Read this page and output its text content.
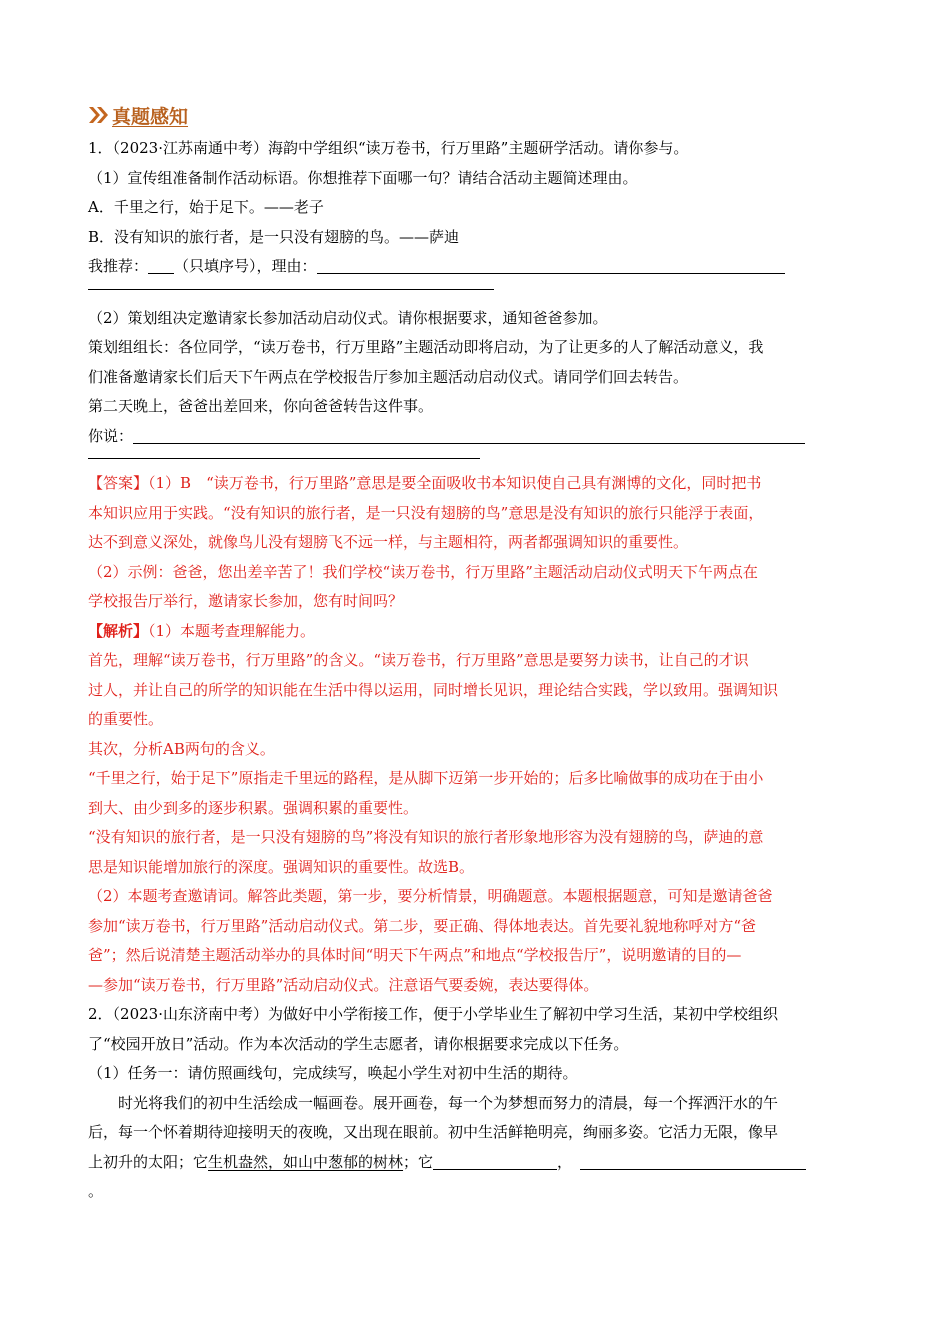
真题感知
1．（2023·江苏南通中考）海韵中学组织“读万卷书，行万里路”主题研学活动。请你参与。
（1）宣传组准备制作活动标语。你想推荐下面哪一句？请结合活动主题简述理由。
A．千里之行，始于足下。——老子
B．没有知识的旅行者，是一只没有翅膀的鸟。——萨迪
我推荐： （只填序号），理由：
（2）策划组决定邀请家长参加活动启动仪式。请你根据要求，通知爸爸参加。
策划组组长：各位同学，“读万卷书，行万里路”主题活动即将启动，为了让更多的人了解活动意义，我
们准备邀请家长们后天下午两点在学校报告厅参加主题活动启动仪式。请同学们回去转告。
第二天晚上，爸爸出差回来，你向爸爸转告这件事。
你说：
【答案】（1）B　“读万卷书，行万里路”意思是要全面吸收书本知识使自己具有渊博的文化，同时把书
本知识应用于实践。“没有知识的旅行者，是一只没有翅膀的鸟”意思是没有知识的旅行只能浮于表面，
达不到意义深处，就像鸟儿没有翅膀飞不远一样，与主题相符，两者都强调知识的重要性。
（2）示例：爸爸，您出差辛苦了！我们学校“读万卷书，行万里路”主题活动启动仪式明天下午两点在
学校报告厅举行，邀请家长参加，您有时间吗？
【解析】（1）本题考查理解能力。
首先，理解“读万卷书，行万里路”的含义。“读万卷书，行万里路”意思是要努力读书，让自己的才识
过人，并让自己的所学的知识能在生活中得以运用，同时增长见识，理论结合实践，学以致用。强调知识
的重要性。
其次，分析AB两句的含义。
“千里之行，始于足下”原指走千里远的路程，是从脚下迈第一步开始的；后多比喻做事的成功在于由小
到大、由少到多的逐步积累。强调积累的重要性。
“没有知识的旅行者，是一只没有翅膀的鸟”将没有知识的旅行者形象地形容为没有翅膀的鸟，萨迪的意
思是知识能增加旅行的深度。强调知识的重要性。故选B。
（2）本题考查邀请词。解答此类题，第一步，要分析情景，明确题意。本题根据题意，可知是邀请爸爸
参加“读万卷书，行万里路”活动启动仪式。第二步，要正确、得体地表达。首先要礼貌地称呼对方“爸
爸”；然后说清楚主题活动举办的具体时间“明天下午两点”和地点“学校报告厅”，说明邀请的目的—
—参加“读万卷书，行万里路”活动启动仪式。注意语气要委婉，表达要得体。
2．（2023·山东济南中考）为做好中小学衔接工作，便于小学毕业生了解初中学习生活，某初中学校组织
了“校园开放日”活动。作为本次活动的学生志愿者，请你根据要求完成以下任务。
（1）任务一：请仿照画线句，完成续写，唤起小学生对初中生活的期待。
时光将我们的初中生活绘成一幅画卷。展开画卷，每一个为梦想而努力的清晨，每一个挥洒汗水的午
后，每一个怀着期待迎接明天的夜晚，又出现在眼前。初中生活鲜艳明亮，绚丽多姿。它活力无限，像早
上初升的太阳；它生机盎然，如山中葱郁的树林；它	，
。
